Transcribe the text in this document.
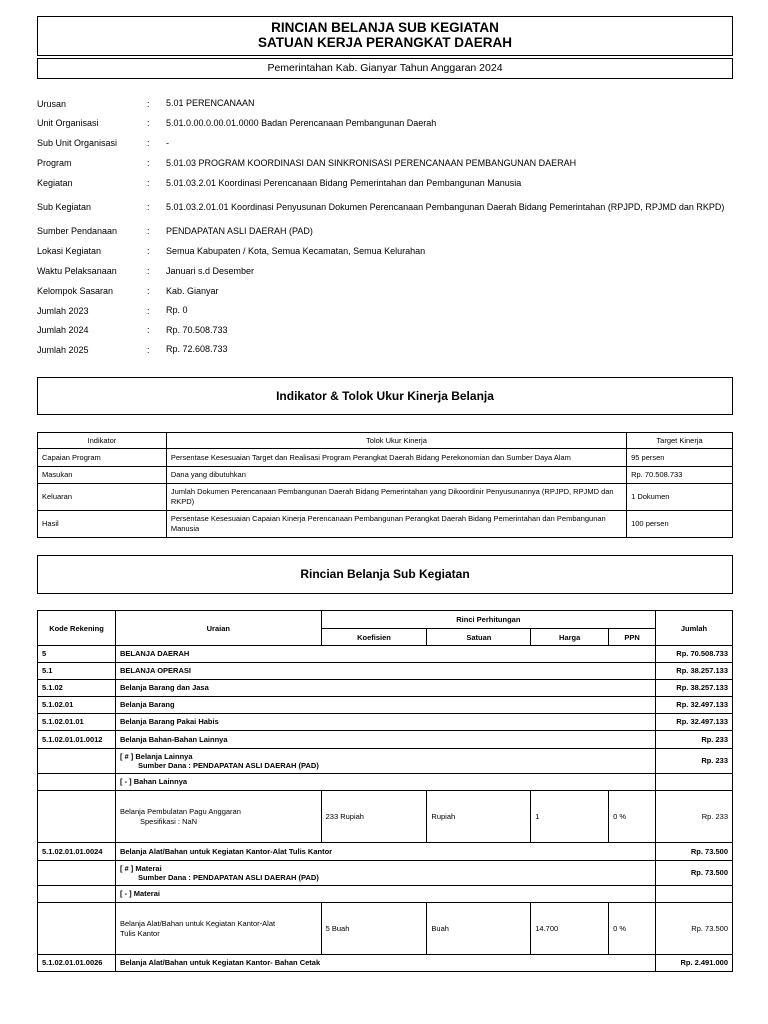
RINCIAN BELANJA SUB KEGIATAN
SATUAN KERJA PERANGKAT DAERAH
Pemerintahan Kab. Gianyar Tahun Anggaran 2024
Urusan	:	5.01 PERENCANAAN
Unit Organisasi	:	5.01.0.00.0.00.01.0000 Badan Perencanaan Pembangunan Daerah
Sub Unit Organisasi	:	-
Program	:	5.01.03 PROGRAM KOORDINASI DAN SINKRONISASI PERENCANAAN PEMBANGUNAN DAERAH
Kegiatan	:	5.01.03.2.01 Koordinasi Perencanaan Bidang Pemerintahan dan Pembangunan Manusia
Sub Kegiatan	:	5.01.03.2.01.01 Koordinasi Penyusunan Dokumen Perencanaan Pembangunan Daerah Bidang Pemerintahan (RPJPD, RPJMD dan RKPD)
Sumber Pendanaan	:	PENDAPATAN ASLI DAERAH (PAD)
Lokasi Kegiatan	:	Semua Kabupaten / Kota, Semua Kecamatan, Semua Kelurahan
Waktu Pelaksanaan	:	Januari s.d Desember
Kelompok Sasaran	:	Kab. Gianyar
Jumlah 2023	:	Rp. 0
Jumlah 2024	:	Rp. 70.508.733
Jumlah 2025	:	Rp. 72.608.733
Indikator & Tolok Ukur Kinerja Belanja
Indikator	Tolok Ukur Kinerja	Target Kinerja
Capaian Program	Persentase Kesesuaian Target dan Realisasi Program Perangkat Daerah Bidang Perekonomian dan Sumber Daya Alam	95 persen
Masukan	Dana yang dibutuhkan	Rp. 70.508.733
Keluaran	Jumlah Dokumen Perencanaan Pembangunan Daerah Bidang Pemerintahan yang Dikoordinir Penyusunannya (RPJPD, RPJMD dan RKPD)	1 Dokumen
Hasil	Persentase Kesesuaian Capaian Kinerja Perencanaan Pembangunan Perangkat Daerah Bidang Pemerintahan dan Pembangunan Manusia	100 persen
Rincian Belanja Sub Kegiatan
Kode Rekening	Uraian	Rinci Perhitungan				Jumlah
		Koefisien	Satuan	Harga	PPN	
5	BELANJA DAERAH					Rp. 70.508.733
5.1	BELANJA OPERASI					Rp. 38.257.133
5.1.02	Belanja Barang dan Jasa					Rp. 38.257.133
5.1.02.01	Belanja Barang					Rp. 32.497.133
5.1.02.01.01	Belanja Barang Pakai Habis					Rp. 32.497.133
5.1.02.01.01.0012	Belanja Bahan-Bahan Lainnya					Rp. 233

	[ # ] Belanja Lainnya
Sumber Dana : PENDAPATAN ASLI DAERAH (PAD)					Rp. 233
	[ - ] Bahan Lainnya					

	Belanja Pembulatan Pagu Anggaran
Spesifikasi : NaN	233 Rupiah	Rupiah	1	0 %	Rp. 233
5.1.02.01.01.0024	Belanja Alat/Bahan untuk Kegiatan Kantor-Alat Tulis Kantor					Rp. 73.500

	[ # ] Materai
Sumber Dana : PENDAPATAN ASLI DAERAH (PAD)					Rp. 73.500
	[ - ] Materai					

	Belanja Alat/Bahan untuk Kegiatan Kantor-Alat
Tulis Kantor	5 Buah	Buah	14.700	0 %	Rp. 73.500
5.1.02.01.01.0026	Belanja Alat/Bahan untuk Kegiatan Kantor- Bahan Cetak					Rp. 2.491.000
